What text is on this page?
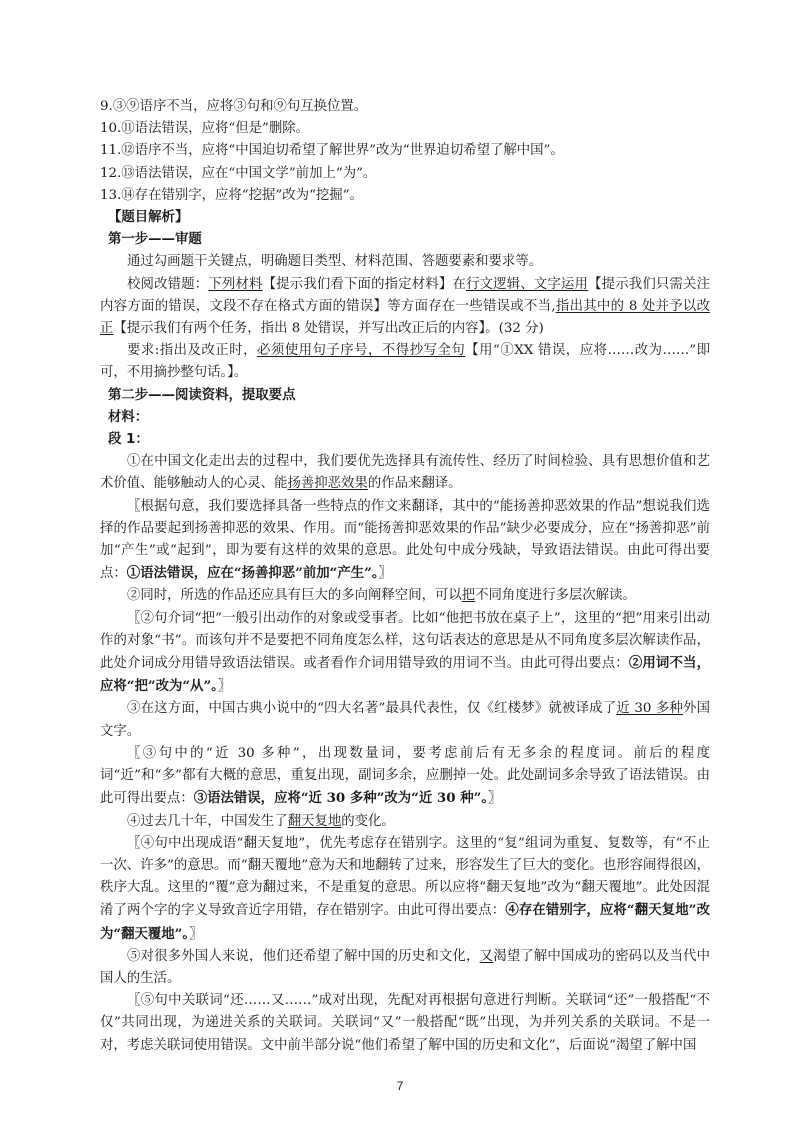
9.③⑨语序不当，应将③句和⑨句互换位置。

10.⑪语法错误，应将“但是”删除。

11.⑫语序不当，应将“中国迫切希望了解世界”改为“世界迫切希望了解中国”。

12.⑬语法错误，应在“中国文学”前加上“为”。

13.⑭存在错别字，应将“挖据”改为“挖掘”。

【题目解析】

第一步——审题

通过勾画题干关键点，明确题目类型、材料范围、答题要素和要求等。

校阅改错题：下列材料【提示我们看下面的指定材料】在行文逻辑、文字运用【提示我们只需关注内容方面的错误，文段不存在格式方面的错误】等方面存在一些错误或不当,指出其中的 8 处并予以改正【提示我们有两个任务，指出 8 处错误，并写出改正后的内容】。(32 分)

要求:指出及改正时，必须使用句子序号，不得抄写全句【用“①XX 错误，应将……改为……”即可，不用摘抄整句话。】。

第二步——阅读资料，提取要点

材料：

段 1：

①在中国文化走出去的过程中，我们要优先选择具有流传性、经历了时间检验、具有思想价值和艺术价值、能够触动人的心灵、能扬善抑恶效果的作品来翻译。

〖根据句意，我们要选择具备一些特点的作文来翻译，其中的“能扬善抑恶效果的作品”想说我们选择的作品要起到扬善抑恶的效果、作用。而“能扬善抑恶效果的作品”缺少必要成分，应在“扬善抑恶”前加“产生”或“起到”，即为要有这样的效果的意思。此处句中成分残缺，导致语法错误。由此可得出要点：①语法错误，应在“扬善抑恶”前加“产生”。〗

②同时，所选的作品还应具有巨大的多向阐释空间，可以把不同角度进行多层次解读。

〖②句介词“把”一般引出动作的对象或受事者。比如“他把书放在桌子上”，这里的“把”用来引出动作的对象“书”。而该句并不是要把不同角度怎么样，这句话表达的意思是从不同角度多层次解读作品，此处介词成分用错导致语法错误。或者看作介词用错导致的用词不当。由此可得出要点：②用词不当，应将“把”改为“从”。〗

③在这方面，中国古典小说中的“四大名著”最具代表性，仅《红楼梦》就被译成了近 30 多种外国文字。

〖③句中的“近 30 多种”，出现数量词，要考虑前后有无多余的程度词。前后的程度词“近”和“多”都有大概的意思，重复出现，副词多余，应删掉一处。此处副词多余导致了语法错误。由此可得出要点：③语法错误，应将“近 30 多种”改为“近 30 种”。〗

④过去几十年，中国发生了翻天复地的变化。

〖④句中出现成语“翻天复地”，优先考虑存在错别字。这里的“复”组词为重复、复数等，有“不止一次、许多”的意思。而“翻天覆地”意为天和地翻转了过来，形容发生了巨大的变化。也形容闹得很凶，秩序大乱。这里的“覆”意为翻过来，不是重复的意思。所以应将“翻天复地”改为“翻天覆地”。此处因混淆了两个字的字义导致音近字用错，存在错别字。由此可得出要点：④存在错别字，应将“翻天复地”改为“翻天覆地”。〗

⑤对很多外国人来说，他们还希望了解中国的历史和文化，又渴望了解中国成功的密码以及当代中国人的生活。

〖⑤句中关联词“还……又……”成对出现，先配对再根据句意进行判断。关联词“还”一般搭配“不仅”共同出现，为递进关系的关联词。关联词“又”一般搭配“既”出现，为并列关系的关联词。不是一对，考虑关联词使用错误。文中前半部分说“他们希望了解中国的历史和文化”，后面说“渴望了解中国

7
